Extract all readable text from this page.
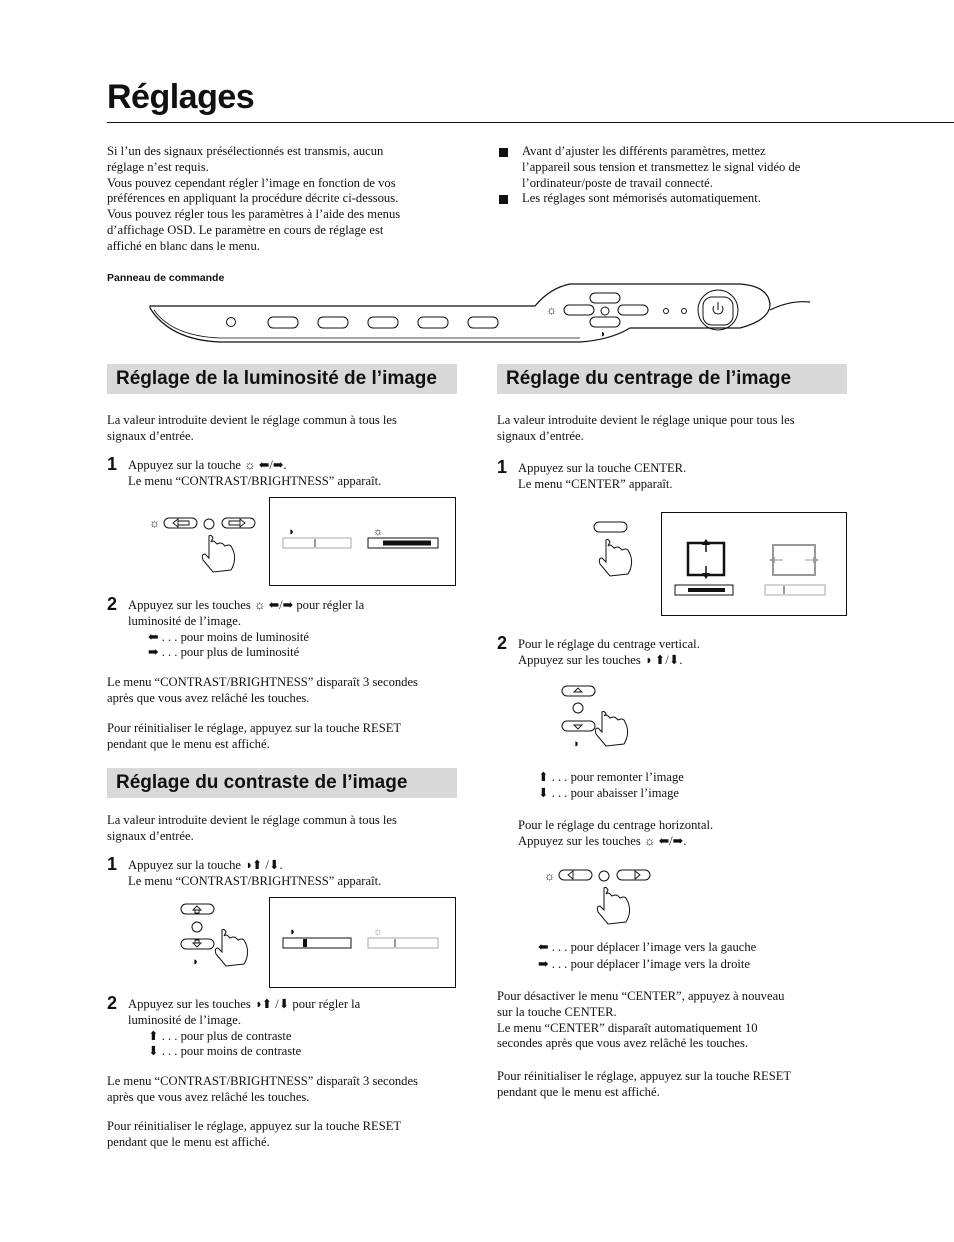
Réglages
Si l’un des signaux présélectionnés est transmis, aucun
réglage n’est requis.
Vous pouvez cependant régler l’image en fonction de vos
préférences en appliquant la procédure décrite ci-dessous.
Vous pouvez régler tous les paramètres à l’aide des menus
d’affichage OSD. Le paramètre en cours de réglage est
affiché en blanc dans le menu.
Avant d’ajuster les différents paramètres, mettez
l’appareil sous tension et transmettez le signal vidéo de
l’ordinateur/poste de travail connecté.
Les réglages sont mémorisés automatiquement.
Panneau de commande
☼
◑
Réglage de la luminosité de l’image
La valeur introduite devient le réglage commun à tous les
signaux d’entrée.
1 Appuyez sur la touche ☼ ⬅/➡.
Le menu “CONTRAST/BRIGHTNESS” apparaît.
☼
◑	☼
2 Appuyez sur les touches ☼ ⬅/➡ pour régler la
luminosité de l’image.
⬅ . . . pour moins de luminosité
➡ . . . pour plus de luminosité
Le menu “CONTRAST/BRIGHTNESS” disparaît 3 secondes
après que vous avez relâché les touches.
Pour réinitialiser le réglage, appuyez sur la touche RESET
pendant que le menu est affiché.
Réglage du contraste de l’image
La valeur introduite devient le réglage commun à tous les
signaux d’entrée.
1 Appuyez sur la touche ◑⬆ /⬇.
Le menu “CONTRAST/BRIGHTNESS” apparaît.
◑
◑	☼
2 Appuyez sur les touches ◑⬆ /⬇ pour régler la
luminosité de l’image.
⬆ . . . pour plus de contraste
⬇ . . . pour moins de contraste
Le menu “CONTRAST/BRIGHTNESS” disparaît 3 secondes
après que vous avez relâché les touches.
Pour réinitialiser le réglage, appuyez sur la touche RESET
pendant que le menu est affiché.
Réglage du centrage de l’image
La valeur introduite devient le réglage unique pour tous les
signaux d’entrée.
1 Appuyez sur la touche CENTER.
Le menu “CENTER” apparaît.
2 Pour le réglage du centrage vertical.
Appuyez sur les touches ◑ ⬆/⬇.
◑
⬆ . . . pour remonter l’image
⬇ . . . pour abaisser l’image
Pour le réglage du centrage horizontal.
Appuyez sur les touches ☼ ⬅/➡.
☼
⬅ . . . pour déplacer l’image vers la gauche
➡ . . . pour déplacer l’image vers la droite
Pour désactiver le menu “CENTER”, appuyez à nouveau
sur la touche CENTER.
Le menu “CENTER” disparaît automatiquement 10
secondes après que vous avez relâché les touches.
Pour réinitialiser le réglage, appuyez sur la touche RESET
pendant que le menu est affiché.
